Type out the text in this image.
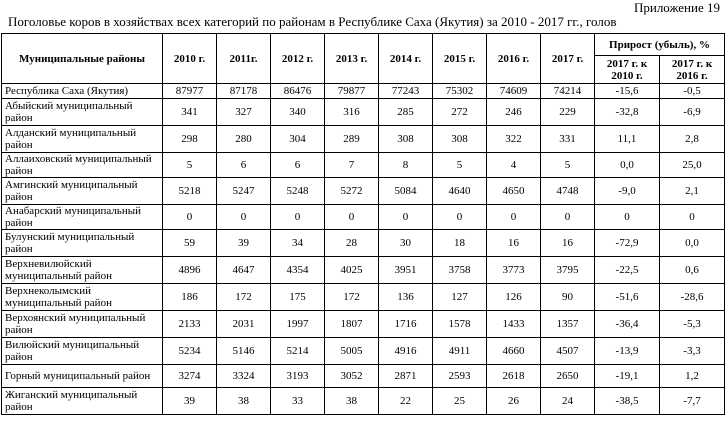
Приложение 19
Поголовье коров в хозяйствах всех категорий по районам в Республике Саха (Якутия) за 2010 - 2017 гг., голов
Муниципальные районы	2010 г.	2011г.	2012 г.	2013 г.	2014 г.	2015 г.	2016 г.	2017 г.	Прирост (убыль), %	
									2017 г. к 2010 г.	2017 г. к 2016 г.
Республика Саха (Якутия)	87977	87178	86476	79877	77243	75302	74609	74214	-15,6	-0,5
Абыйский муниципальный район	341	327	340	316	285	272	246	229	-32,8	-6,9
Алданский муниципальный район	298	280	304	289	308	308	322	331	11,1	2,8
Аллаиховский муниципальный район	5	6	6	7	8	5	4	5	0,0	25,0
Амгинский муниципальный район	5218	5247	5248	5272	5084	4640	4650	4748	-9,0	2,1
Анабарский муниципальный район	0	0	0	0	0	0	0	0	0	0
Булунский муниципальный район	59	39	34	28	30	18	16	16	-72,9	0,0
Верхневилюйский муниципальный район	4896	4647	4354	4025	3951	3758	3773	3795	-22,5	0,6
Верхнеколымский муниципальный район	186	172	175	172	136	127	126	90	-51,6	-28,6
Верхоянский муниципальный район	2133	2031	1997	1807	1716	1578	1433	1357	-36,4	-5,3
Вилюйский муниципальный район	5234	5146	5214	5005	4916	4911	4660	4507	-13,9	-3,3
Горный муниципальный район	3274	3324	3193	3052	2871	2593	2618	2650	-19,1	1,2
Жиганский муниципальный район	39	38	33	38	22	25	26	24	-38,5	-7,7
